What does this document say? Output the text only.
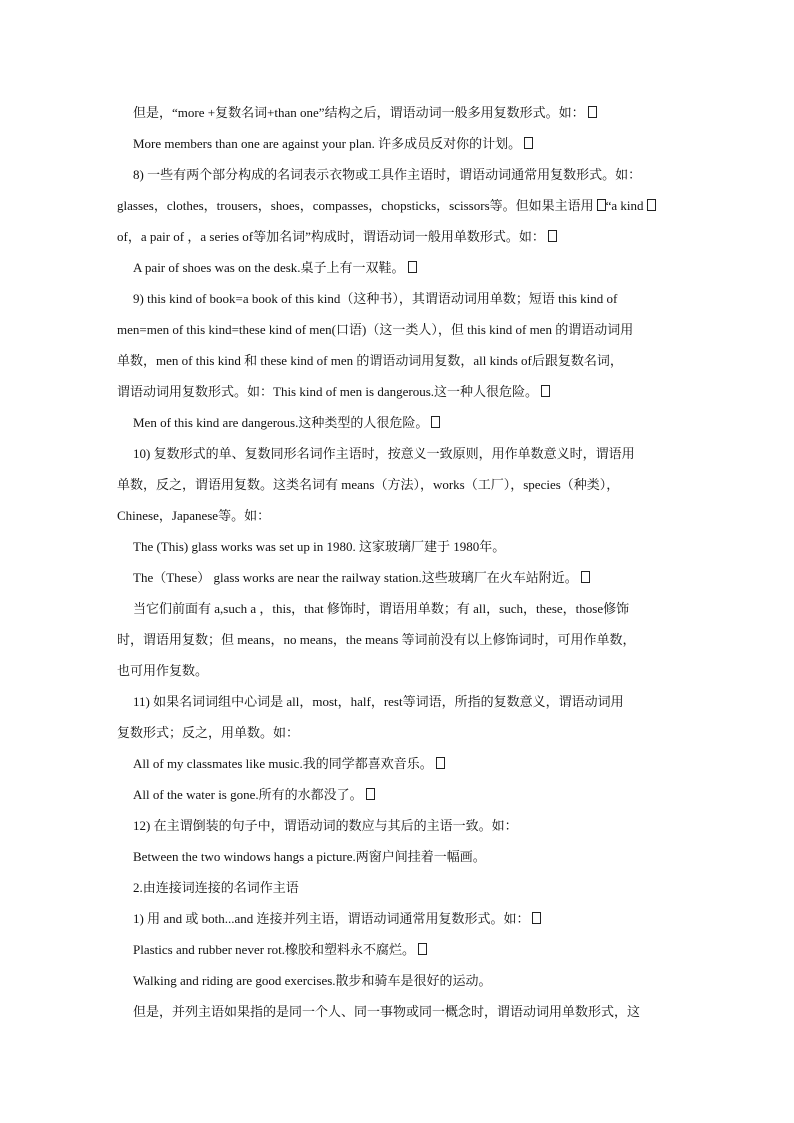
但是，“more +复数名词+than one”结构之后，谓语动词一般多用复数形式。如：
More members than one are against your plan. 许多成员反对你的计划。
8) 一些有两个部分构成的名词表示衣物或工具作主语时，谓语动词通常用复数形式。如：
glasses，clothes，trousers，shoes，compasses，chopsticks，scissors等。但如果主语用 “a kind
of，a pair of ，a series of等加名词”构成时，谓语动词一般用单数形式。如：
A pair of shoes was on the desk.桌子上有一双鞋。
9) this kind of book=a book of this kind（这种书），其谓语动词用单数；短语 this kind of
men=men of this kind=these kind of men(口语)（这一类人），但 this kind of men 的谓语动词用
单数，men of this kind 和 these kind of men 的谓语动词用复数，all kinds of后跟复数名词，
谓语动词用复数形式。如：This kind of men is dangerous.这一种人很危险。
Men of this kind are dangerous.这种类型的人很危险。
10) 复数形式的单、复数同形名词作主语时，按意义一致原则，用作单数意义时，谓语用
单数，反之，谓语用复数。这类名词有 means（方法），works（工厂），species（种类），
Chinese，Japanese等。如：
The (This) glass works was set up in 1980. 这家玻璃厂建于 1980年。
The（These） glass works are near the railway station.这些玻璃厂在火车站附近。
当它们前面有 a,such a ，this，that 修饰时，谓语用单数；有 all，such，these，those修饰
时，谓语用复数；但 means，no means，the means 等词前没有以上修饰词时，可用作单数，
也可用作复数。
11) 如果名词词组中心词是 all，most，half，rest等词语，所指的复数意义，谓语动词用
复数形式；反之，用单数。如：
All of my classmates like music.我的同学都喜欢音乐。
All of the water is gone.所有的水都没了。
12) 在主谓倒装的句子中，谓语动词的数应与其后的主语一致。如：
Between the two windows hangs a picture.两窗户间挂着一幅画。
2.由连接词连接的名词作主语
1) 用 and 或 both...and 连接并列主语，谓语动词通常用复数形式。如：
Plastics and rubber never rot.橡胶和塑料永不腐烂。
Walking and riding are good exercises.散步和骑车是很好的运动。
但是，并列主语如果指的是同一个人、同一事物或同一概念时，谓语动词用单数形式，这
